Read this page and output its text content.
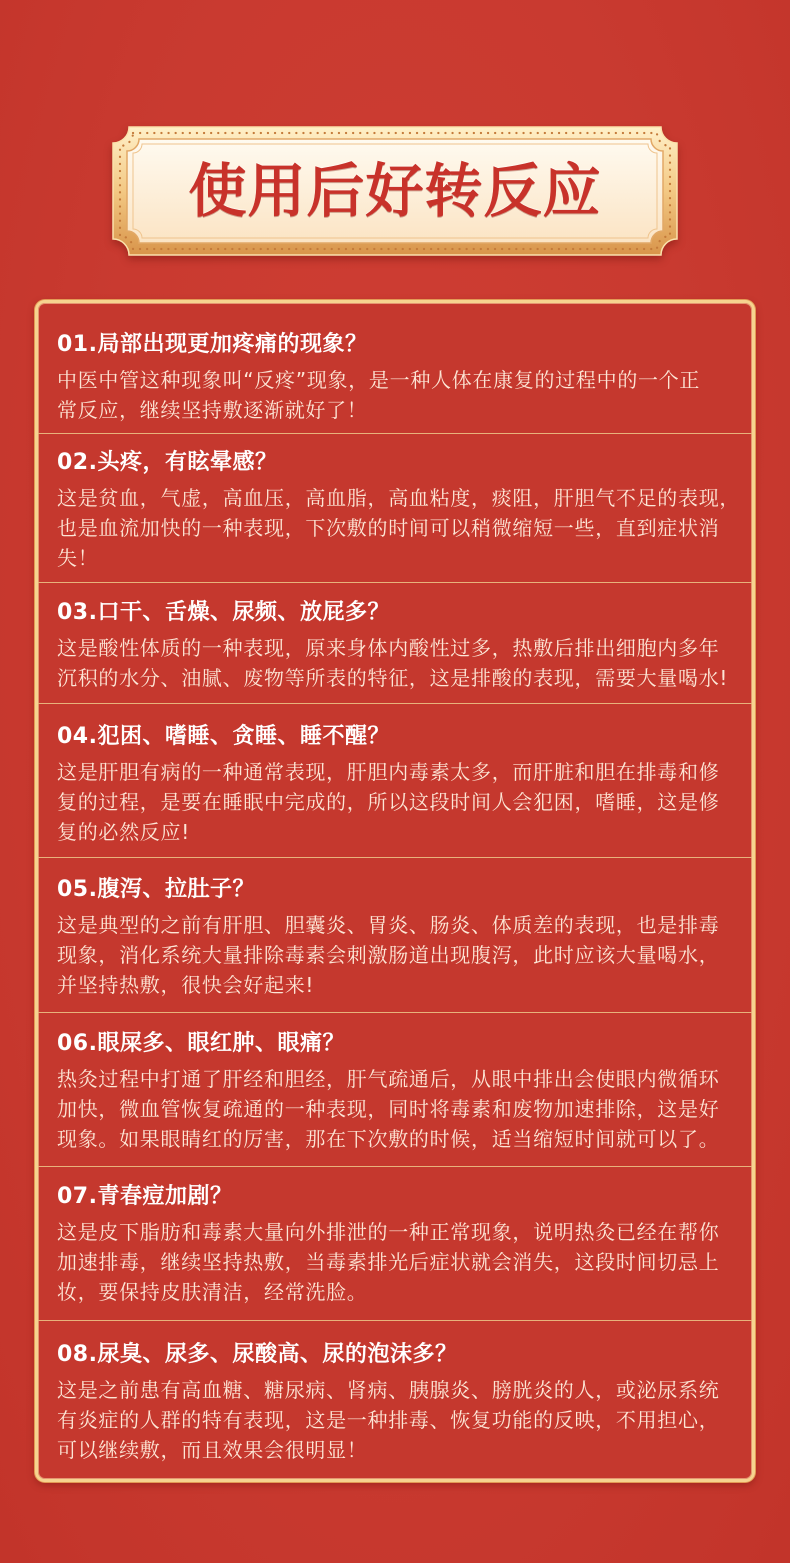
使用后好转反应
01.局部出现更加疼痛的现象？
中医中管这种现象叫“反疼”现象，是一种人体在康复的过程中的一个正
常反应，继续坚持敷逐渐就好了！
02.头疼，有眩晕感？
这是贫血，气虚，高血压，高血脂，高血粘度，痰阻，肝胆气不足的表现，
也是血流加快的一种表现，下次敷的时间可以稍微缩短一些，直到症状消
失！
03.口干、舌燥、尿频、放屁多？
这是酸性体质的一种表现，原来身体内酸性过多，热敷后排出细胞内多年
沉积的水分、油腻、废物等所表的特征，这是排酸的表现，需要大量喝水!
04.犯困、嗜睡、贪睡、睡不醒？
这是肝胆有病的一种通常表现，肝胆内毒素太多，而肝脏和胆在排毒和修
复的过程，是要在睡眠中完成的，所以这段时间人会犯困，嗜睡，这是修
复的必然反应!
05.腹泻、拉肚子？
这是典型的之前有肝胆、胆囊炎、胃炎、肠炎、体质差的表现，也是排毒
现象，消化系统大量排除毒素会刺激肠道出现腹泻，此时应该大量喝水，
并坚持热敷，很快会好起来!
06.眼屎多、眼红肿、眼痛？
热灸过程中打通了肝经和胆经，肝气疏通后，从眼中排出会使眼内微循环
加快，微血管恢复疏通的一种表现，同时将毒素和废物加速排除，这是好
现象。如果眼睛红的厉害，那在下次敷的时候，适当缩短时间就可以了。
07.青春痘加剧？
这是皮下脂肪和毒素大量向外排泄的一种正常现象，说明热灸已经在帮你
加速排毒，继续坚持热敷，当毒素排光后症状就会消失，这段时间切忌上
妆，要保持皮肤清洁，经常洗脸。
08.尿臭、尿多、尿酸高、尿的泡沫多？
这是之前患有高血糖、糖尿病、肾病、胰腺炎、膀胱炎的人，或泌尿系统
有炎症的人群的特有表现，这是一种排毒、恢复功能的反映，不用担心，
可以继续敷，而且效果会很明显！
